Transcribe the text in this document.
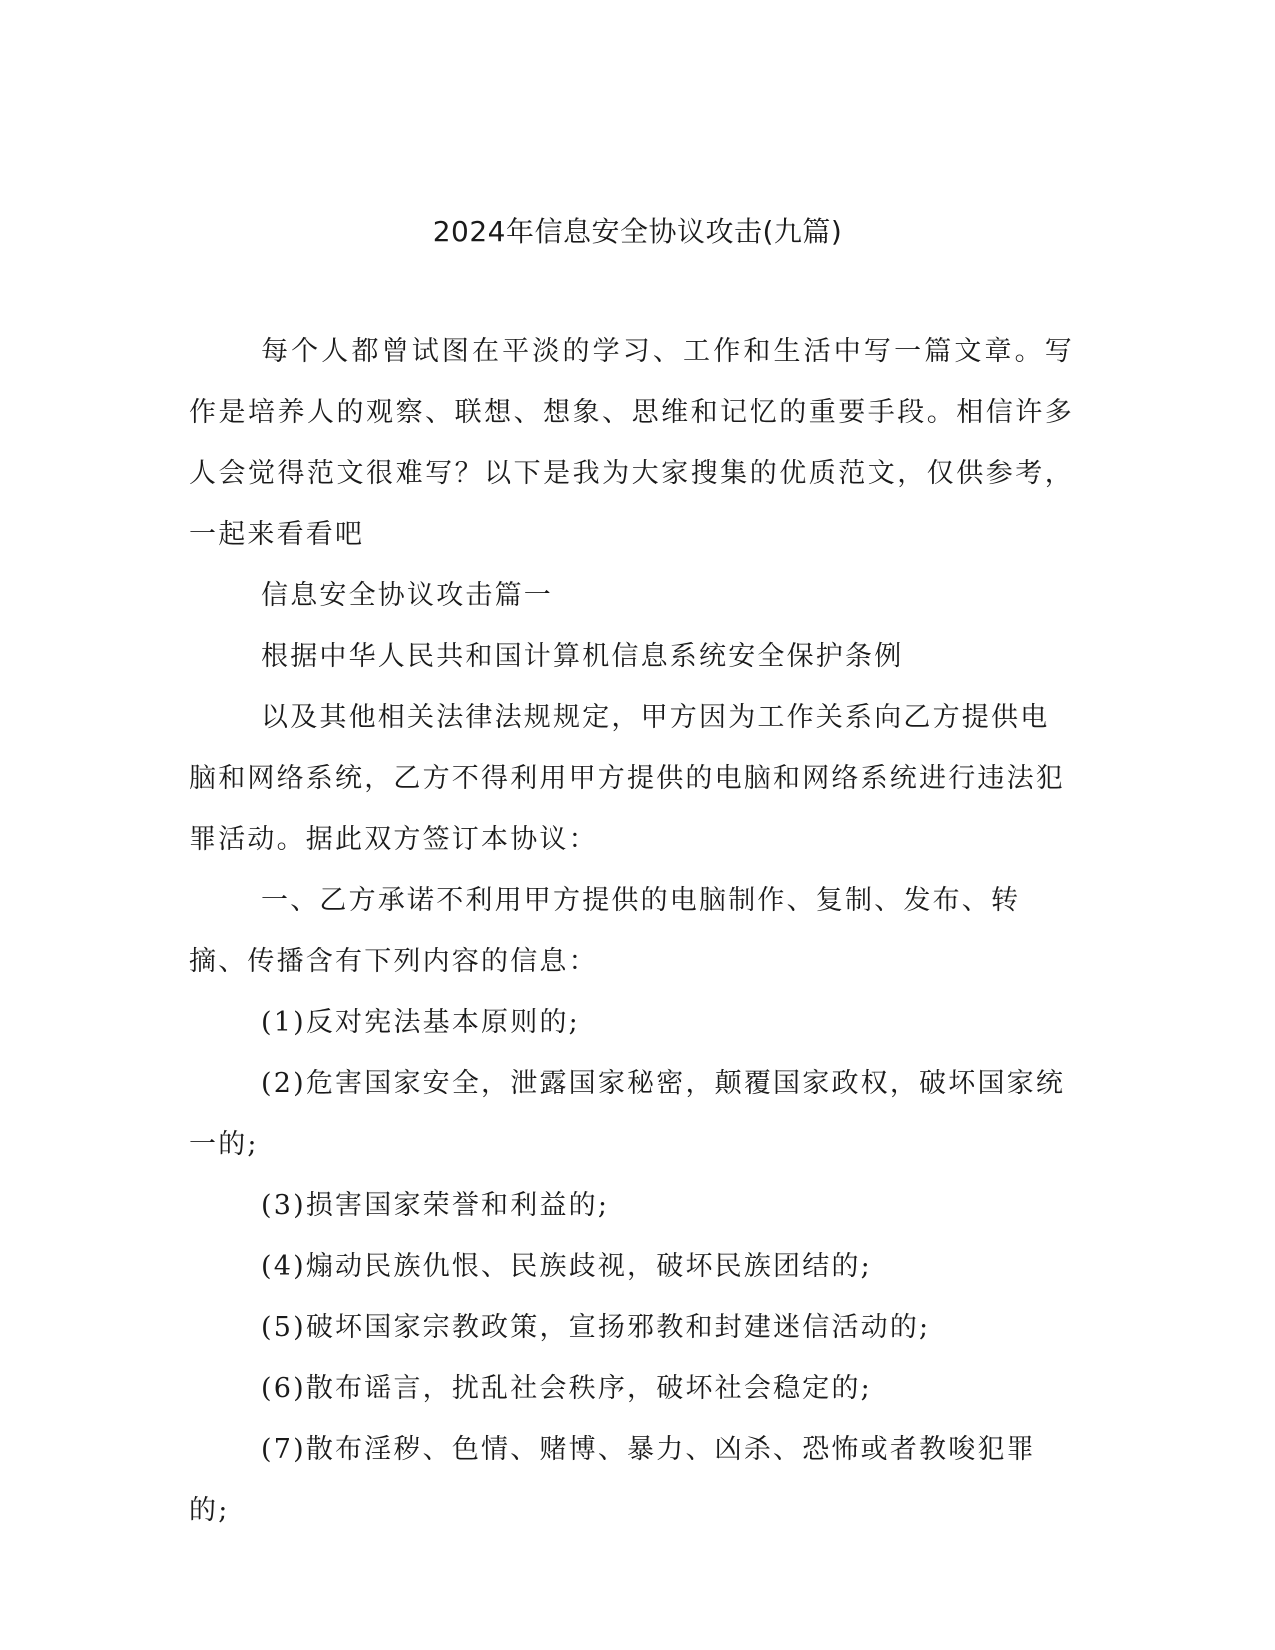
2024年信息安全协议攻击(九篇)

每个人都曾试图在平淡的学习、工作和生活中写一篇文章。写作是培养人的观察、联想、想象、思维和记忆的重要手段。相信许多人会觉得范文很难写？以下是我为大家搜集的优质范文，仅供参考，一起来看看吧

信息安全协议攻击篇一

根据中华人民共和国计算机信息系统安全保护条例

以及其他相关法律法规规定，甲方因为工作关系向乙方提供电脑和网络系统，乙方不得利用甲方提供的电脑和网络系统进行违法犯罪活动。据此双方签订本协议：

一、乙方承诺不利用甲方提供的电脑制作、复制、发布、转摘、传播含有下列内容的信息：

(1)反对宪法基本原则的;

(2)危害国家安全，泄露国家秘密，颠覆国家政权，破坏国家统一的;

(3)损害国家荣誉和利益的;

(4)煽动民族仇恨、民族歧视，破坏民族团结的;

(5)破坏国家宗教政策，宣扬邪教和封建迷信活动的;

(6)散布谣言，扰乱社会秩序，破坏社会稳定的;

(7)散布淫秽、色情、赌博、暴力、凶杀、恐怖或者教唆犯罪的;
